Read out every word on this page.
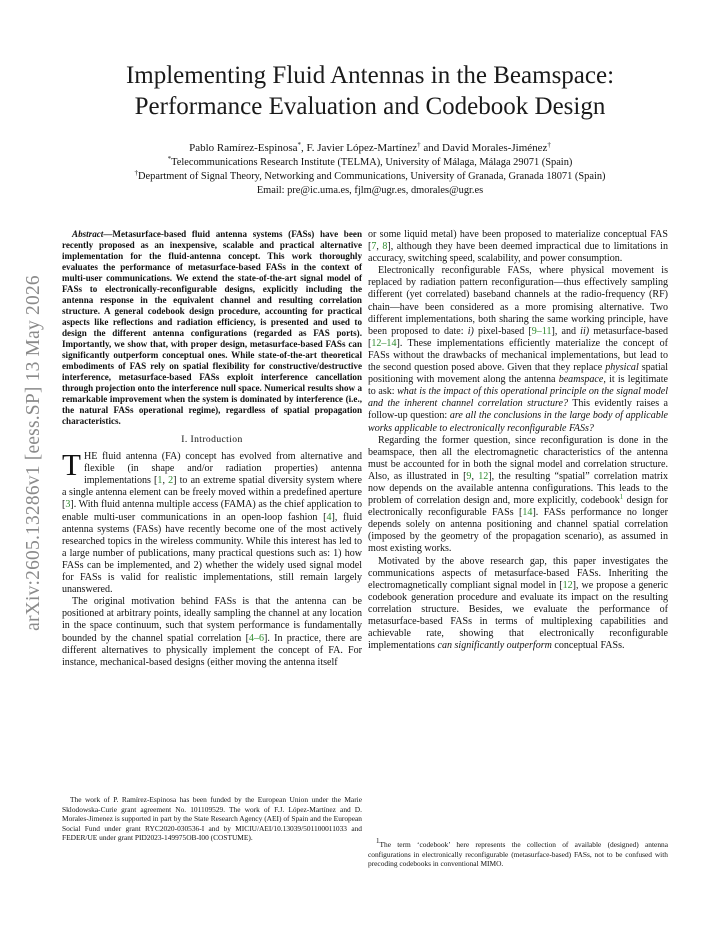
arXiv:2605.13286v1 [eess.SP] 13 May 2026
Implementing Fluid Antennas in the Beamspace:
Performance Evaluation and Codebook Design
Pablo Ramírez-Espinosa*, F. Javier López-Martínez† and David Morales-Jiménez†
*Telecommunications Research Institute (TELMA), University of Málaga, Málaga 29071 (Spain)
†Department of Signal Theory, Networking and Communications, University of Granada, Granada 18071 (Spain)
Email: pre@ic.uma.es, fjlm@ugr.es, dmorales@ugr.es

Abstract—Metasurface-based fluid antenna systems (FASs) have been recently proposed as an inexpensive, scalable and practical alternative implementation for the fluid-antenna concept. This work thoroughly evaluates the performance of metasurface-based FASs in the context of multi-user communications. We extend the state-of-the-art signal model of FASs to electronically-reconfigurable designs, explicitly including the antenna response in the equivalent channel and resulting correlation structure. A general codebook design procedure, accounting for practical aspects like reflections and radiation efficiency, is presented and used to design the different antenna configurations (regarded as FAS ports). Importantly, we show that, with proper design, metasurface-based FASs can significantly outperform conceptual ones. While state-of-the-art theoretical embodiments of FAS rely on spatial flexibility for constructive/destructive interference, metasurface-based FASs exploit interference cancellation through projection onto the interference null space. Numerical results show a remarkable improvement when the system is dominated by interference (i.e., the natural FASs operational regime), regardless of spatial propagation characteristics.

I. Introduction

THE fluid antenna (FA) concept has evolved from alternative and flexible (in shape and/or radiation properties) antenna implementations [1, 2] to an extreme spatial diversity system where a single antenna element can be freely moved within a predefined aperture [3]. With fluid antenna multiple access (FAMA) as the chief application to enable multi-user communications in an open-loop fashion [4], fluid antenna systems (FASs) have recently become one of the most actively researched topics in the wireless community. While this interest has led to a large number of publications, many practical questions such as: 1) how FASs can be implemented, and 2) whether the widely used signal model for FASs is valid for realistic implementations, still remain largely unanswered.

The original motivation behind FASs is that the antenna can be positioned at arbitrary points, ideally sampling the channel at any location in the space continuum, such that system performance is fundamentally bounded by the channel spatial correlation [4–6]. In practice, there are different alternatives to physically implement the concept of FA. For instance, mechanical-based designs (either moving the antenna itself

or some liquid metal) have been proposed to materialize conceptual FAS [7, 8], although they have been deemed impractical due to limitations in accuracy, switching speed, scalability, and power consumption.

Electronically reconfigurable FASs, where physical movement is replaced by radiation pattern reconfiguration—thus effectively sampling different (yet correlated) baseband channels at the radio-frequency (RF) chain—have been considered as a more promising alternative. Two different implementations, both sharing the same working principle, have been proposed to date: i) pixel-based [9–11], and ii) metasurface-based [12–14]. These implementations efficiently materialize the concept of FASs without the drawbacks of mechanical implementations, but lead to the second question posed above. Given that they replace physical spatial positioning with movement along the antenna beamspace, it is legitimate to ask: what is the impact of this operational principle on the signal model and the inherent channel correlation structure? This evidently raises a follow-up question: are all the conclusions in the large body of applicable works applicable to electronically reconfigurable FASs?

Regarding the former question, since reconfiguration is done in the beamspace, then all the electromagnetic characteristics of the antenna must be accounted for in both the signal model and correlation structure. Also, as illustrated in [9, 12], the resulting “spatial” correlation matrix now depends on the available antenna configurations. This leads to the problem of correlation design and, more explicitly, codebook$^1$ design for electronically reconfigurable FASs [14]. FASs performance no longer depends solely on antenna positioning and channel spatial correlation (imposed by the geometry of the propagation scenario), as assumed in most existing works.

Motivated by the above research gap, this paper investigates the communications aspects of metasurface-based FASs. Inheriting the electromagnetically compliant signal model in [12], we propose a generic codebook generation procedure and evaluate its impact on the resulting correlation structure. Besides, we evaluate the performance of metasurface-based FASs in terms of multiplexing capabilities and achievable rate, showing that electronically reconfigurable implementations can significantly outperform conceptual FASs.

The work of P. Ramírez-Espinosa has been funded by the European Union under the Marie Sklodowska-Curie grant agreement No. 101109529. The work of F.J. López-Martínez and D. Morales-Jimenez is supported in part by the State Research Agency (AEI) of Spain and the European Social Fund under grant RYC2020-030536-I and by MICIU/AEI/10.13039/501100011033 and FEDER/UE under grant PID2023-149975OB-I00 (COSTUME).	$^1$The term ‘codebook’ here represents the collection of available (designed) antenna configurations in electronically reconfigurable (metasurface-based) FASs, not to be confused with precoding codebooks in conventional MIMO.
